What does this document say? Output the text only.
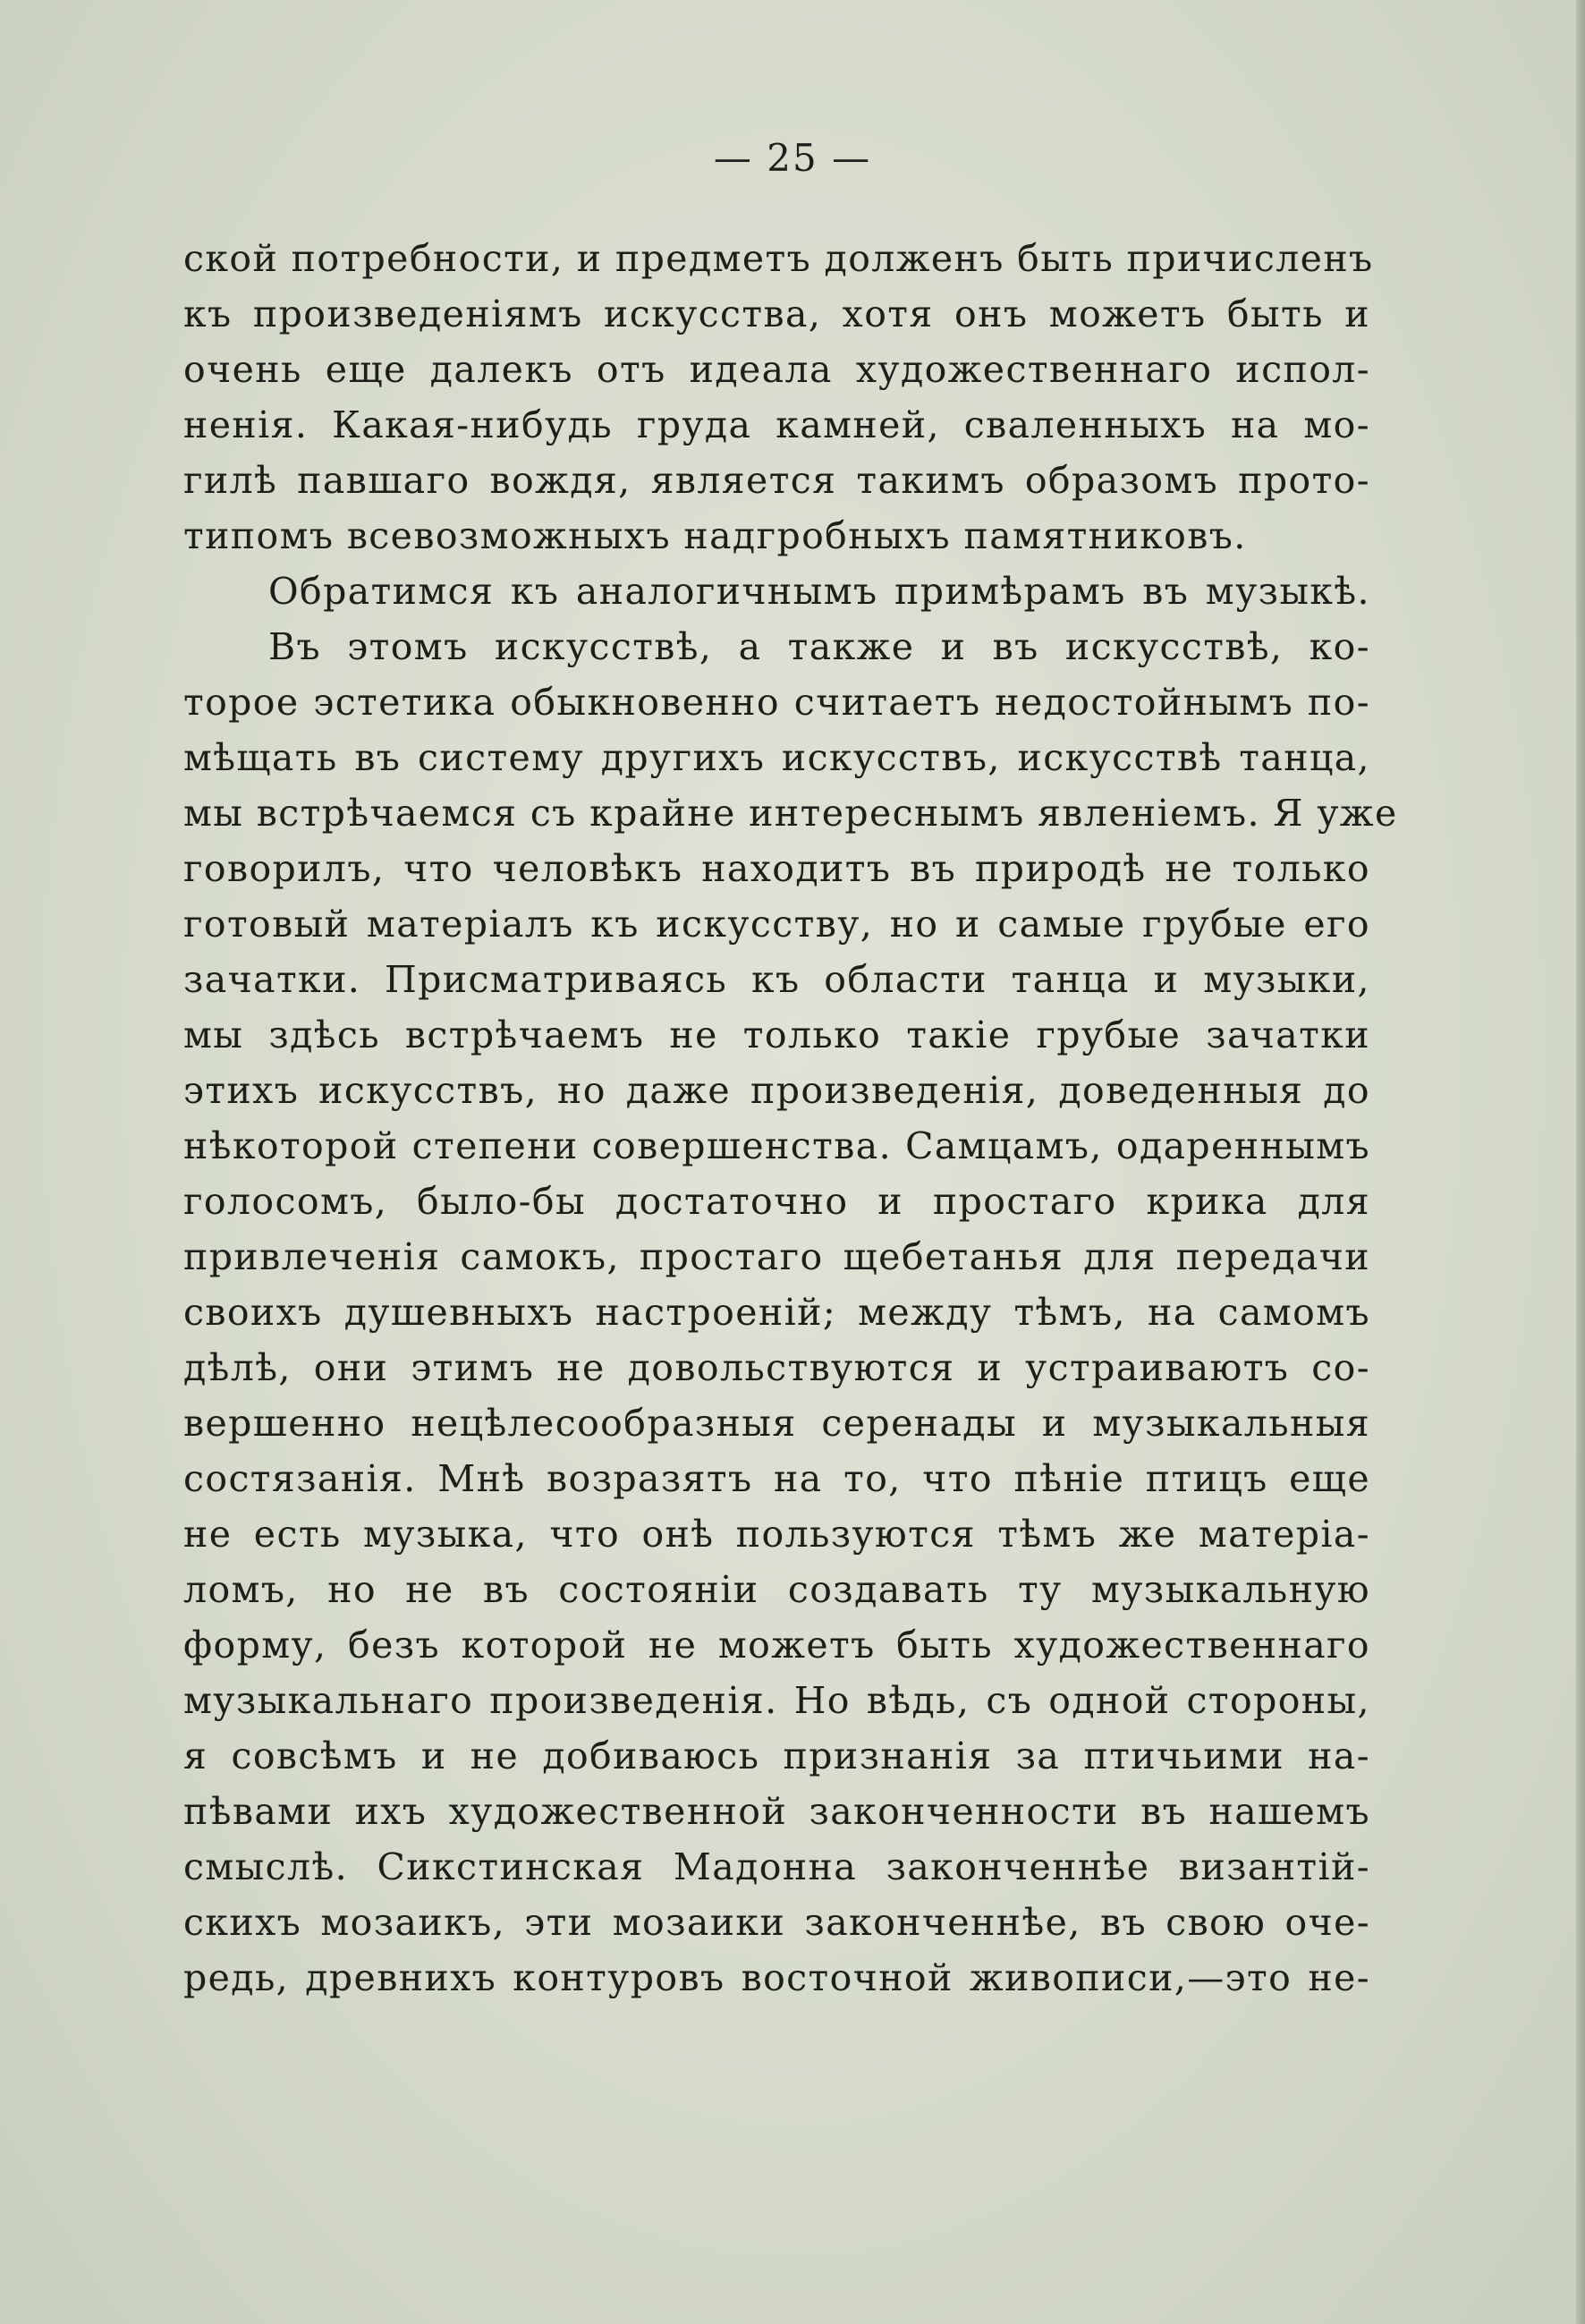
— 25 —
ской потребности, и предметъ долженъ быть причисленъ
къ произведеніямъ искусства, хотя онъ можетъ быть и
очень еще далекъ отъ идеала художественнаго испол-
ненія. Какая-нибудь груда камней, сваленныхъ на мо-
гилѣ павшаго вождя, является такимъ образомъ прото-
типомъ всевозможныхъ надгробныхъ памятниковъ.
Обратимся къ аналогичнымъ примѣрамъ въ музыкѣ.
Въ этомъ искусствѣ, а также и въ искусствѣ, ко-
торое эстетика обыкновенно считаетъ недостойнымъ по-
мѣщать въ систему другихъ искусствъ, искусствѣ танца,
мы встрѣчаемся съ крайне интереснымъ явленіемъ. Я уже
говорилъ, что человѣкъ находитъ въ природѣ не только
готовый матеріалъ къ искусству, но и самые грубые его
зачатки. Присматриваясь къ области танца и музыки,
мы здѣсь встрѣчаемъ не только такіе грубые зачатки
этихъ искусствъ, но даже произведенія, доведенныя до
нѣкоторой степени совершенства. Самцамъ, одареннымъ
голосомъ, было-бы достаточно и простаго крика для
привлеченія самокъ, простаго щебетанья для передачи
своихъ душевныхъ настроеній; между тѣмъ, на самомъ
дѣлѣ, они этимъ не довольствуются и устраиваютъ со-
вершенно нецѣлесообразныя серенады и музыкальныя
состязанія. Мнѣ возразятъ на то, что пѣніе птицъ еще
не есть музыка, что онѣ пользуются тѣмъ же матеріа-
ломъ, но не въ состояніи создавать ту музыкальную
форму, безъ которой не можетъ быть художественнаго
музыкальнаго произведенія. Но вѣдь, съ одной стороны,
я совсѣмъ и не добиваюсь признанія за птичьими на-
пѣвами ихъ художественной законченности въ нашемъ
смыслѣ. Сикстинская Мадонна законченнѣе византій-
скихъ мозаикъ, эти мозаики законченнѣе, въ свою оче-
редь, древнихъ контуровъ восточной живописи,—это не-
